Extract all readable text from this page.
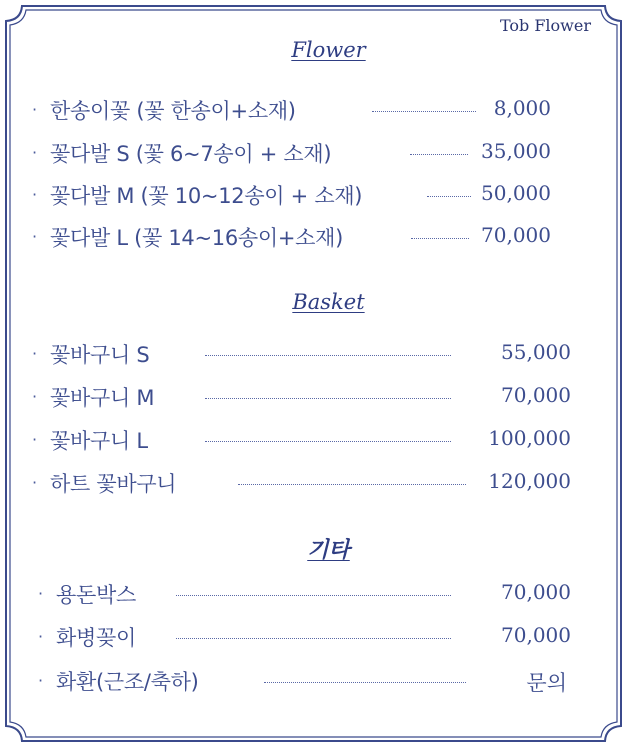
Tob Flower
Flower
· 한송이꽃 (꽃 한송이+소재)	8,000
· 꽃다발 S (꽃 6~7송이 + 소재)	35,000
· 꽃다발 M (꽃 10~12송이 + 소재)	50,000
· 꽃다발 L (꽃 14~16송이+소재)	70,000
Basket
· 꽃바구니 S	55,000
· 꽃바구니 M	70,000
· 꽃바구니 L	100,000
· 하트 꽃바구니	120,000
기타
· 용돈박스	70,000
· 화병꽂이	70,000
· 화환(근조/축하)	문의
